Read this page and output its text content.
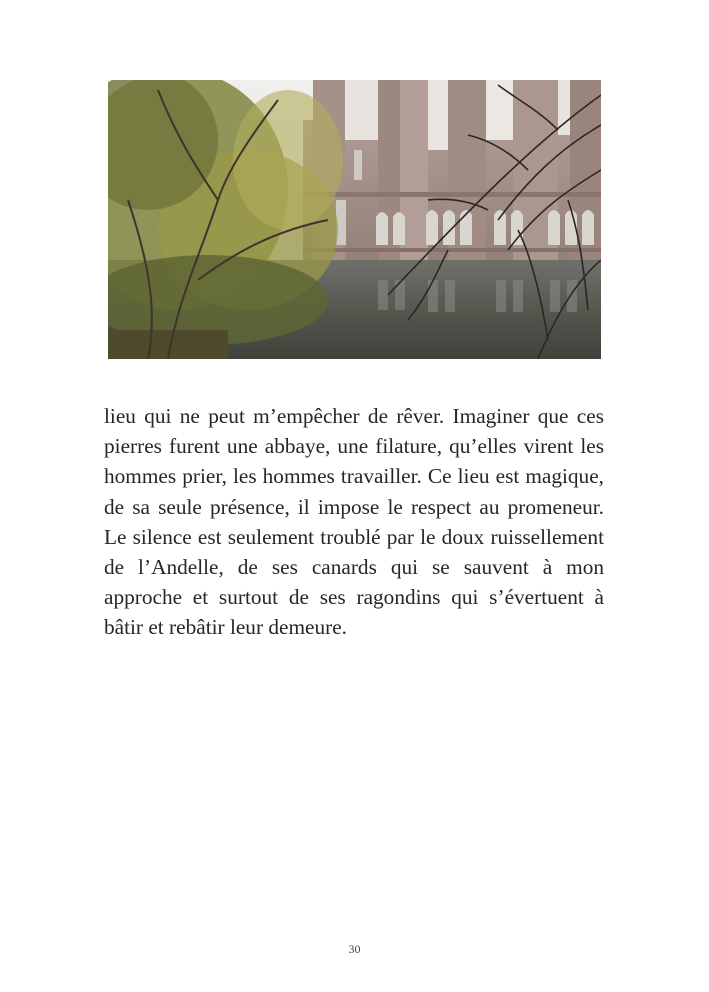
lieu qui ne peut m’empêcher de rêver. Imaginer que ces pierres furent une abbaye, une filature, qu’elles virent les hommes prier, les hommes travailler. Ce lieu est magique, de sa seule présence, il impose le respect au promeneur. Le silence est seulement troublé par le doux ruissellement de l’Andelle, de ses canards qui se sauvent à mon approche et surtout de ses ragondins qui s’évertuent à bâtir et rebâtir leur demeure.

30
